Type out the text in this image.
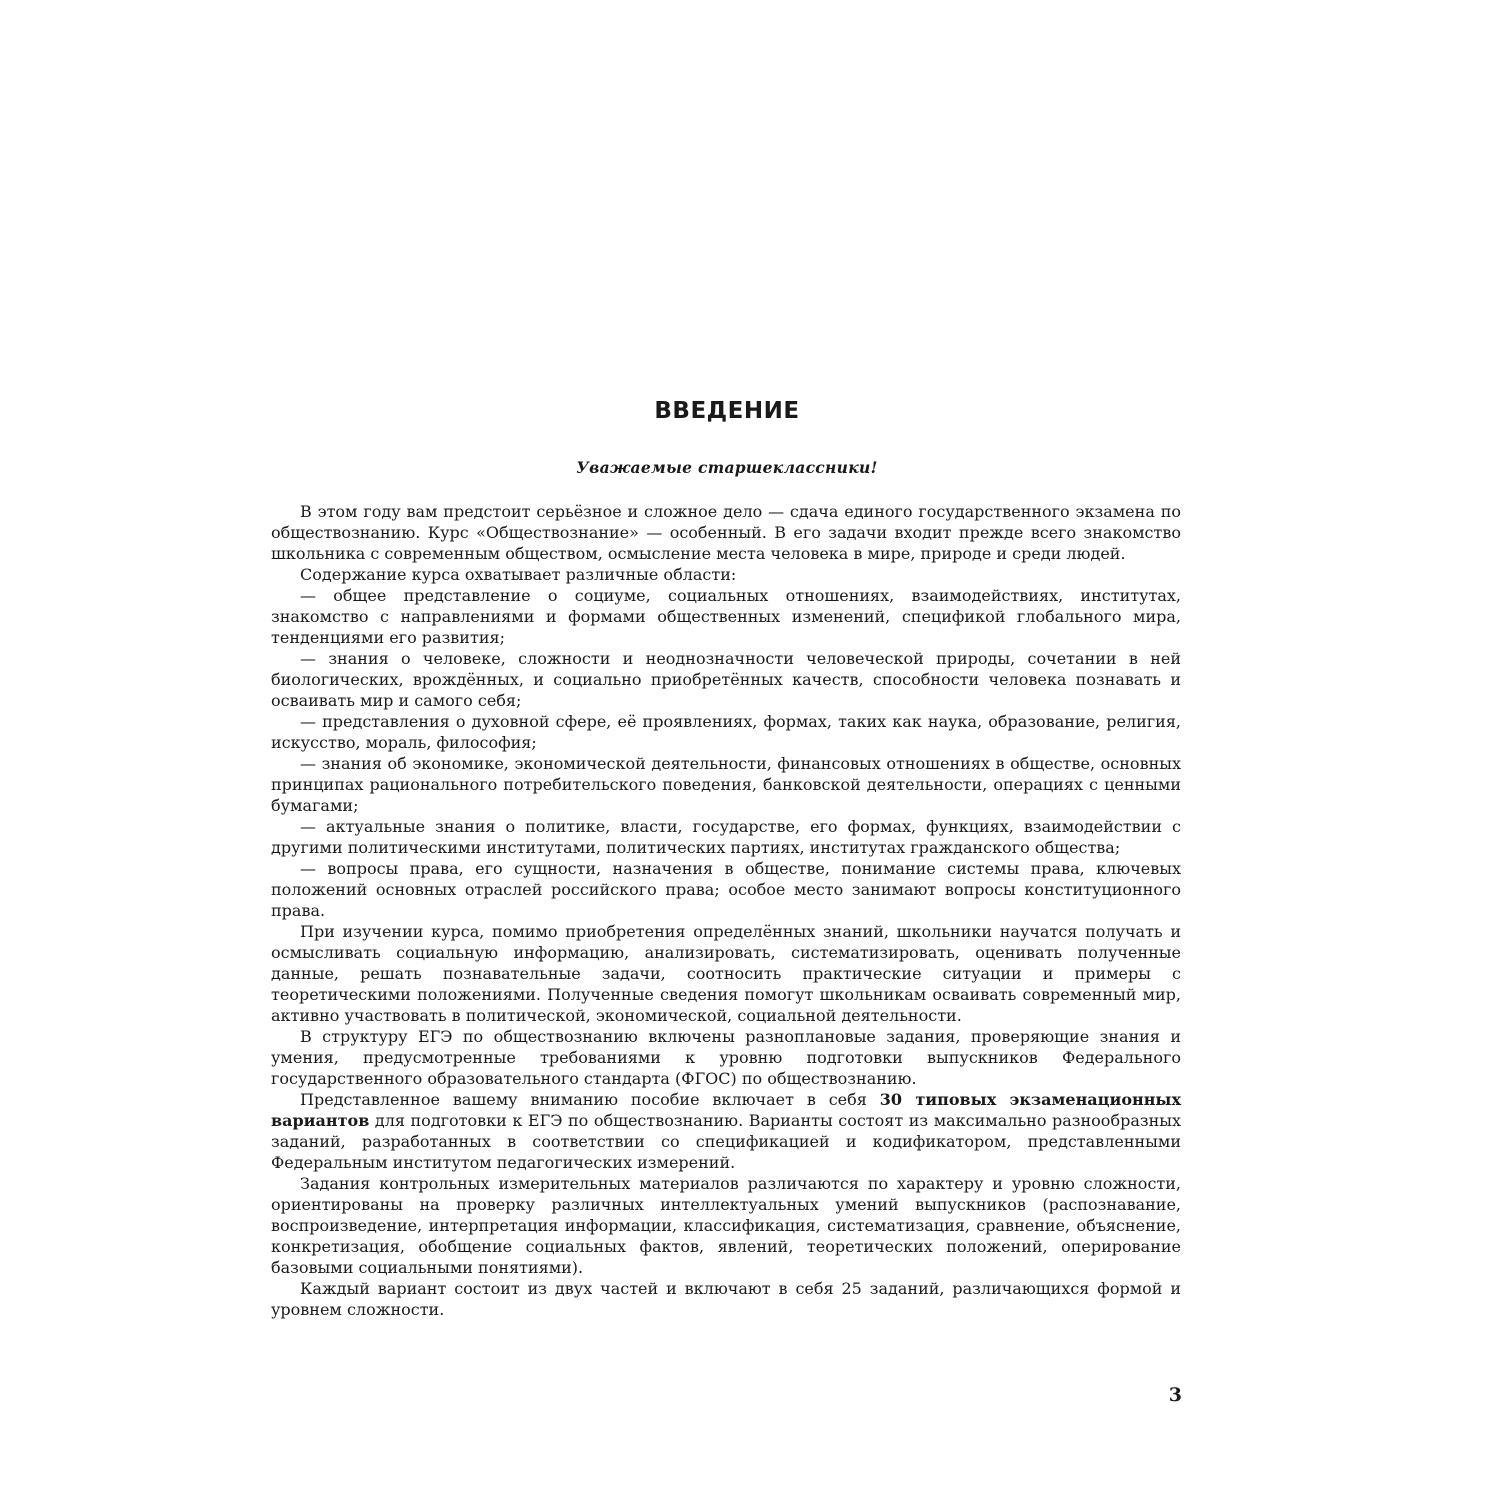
ВВЕДЕНИЕ
Уважаемые старшеклассники!

В этом году вам предстоит серьёзное и сложное дело — сдача единого государственного экзамена по обществознанию. Курс «Обществознание» — особенный. В его задачи входит прежде всего знакомство школьника с современным обществом, осмысление места человека в мире, природе и среди людей.

Содержание курса охватывает различные области:

— общее представление о социуме, социальных отношениях, взаимодействиях, институтах, знакомство с направлениями и формами общественных изменений, спецификой глобального мира, тенденциями его развития;

— знания о человеке, сложности и неоднозначности человеческой природы, сочетании в ней биологических, врождённых, и социально приобретённых качеств, способности человека познавать и осваивать мир и самого себя;

— представления о духовной сфере, её проявлениях, формах, таких как наука, образование, религия, искусство, мораль, философия;

— знания об экономике, экономической деятельности, финансовых отношениях в обществе, основных принципах рационального потребительского поведения, банковской деятельности, операциях с ценными бумагами;

— актуальные знания о политике, власти, государстве, его формах, функциях, взаимодействии с другими политическими институтами, политических партиях, институтах гражданского общества;

— вопросы права, его сущности, назначения в обществе, понимание системы права, ключевых положений основных отраслей российского права; особое место занимают вопросы конституционного права.

При изучении курса, помимо приобретения определённых знаний, школьники научатся получать и осмысливать социальную информацию, анализировать, систематизировать, оценивать полученные данные, решать познавательные задачи, соотносить практические ситуации и примеры с теоретическими положениями. Полученные сведения помогут школьникам осваивать современный мир, активно участвовать в политической, экономической, социальной деятельности.

В структуру ЕГЭ по обществознанию включены разноплановые задания, проверяющие знания и умения, предусмотренные требованиями к уровню подготовки выпускников Федерального государственного образовательного стандарта (ФГОС) по обществознанию.

Представленное вашему вниманию пособие включает в себя 30 типовых экзаменационных вариантов для подготовки к ЕГЭ по обществознанию. Варианты состоят из максимально разнообразных заданий, разработанных в соответствии со спецификацией и кодификатором, представленными Федеральным институтом педагогических измерений.

Задания контрольных измерительных материалов различаются по характеру и уровню сложности, ориентированы на проверку различных интеллектуальных умений выпускников (распознавание, воспроизведение, интерпретация информации, классификация, систематизация, сравнение, объяснение, конкретизация, обобщение социальных фактов, явлений, теоретических положений, оперирование базовыми социальными понятиями).

Каждый вариант состоит из двух частей и включают в себя 25 заданий, различающихся формой и уровнем сложности.

3
